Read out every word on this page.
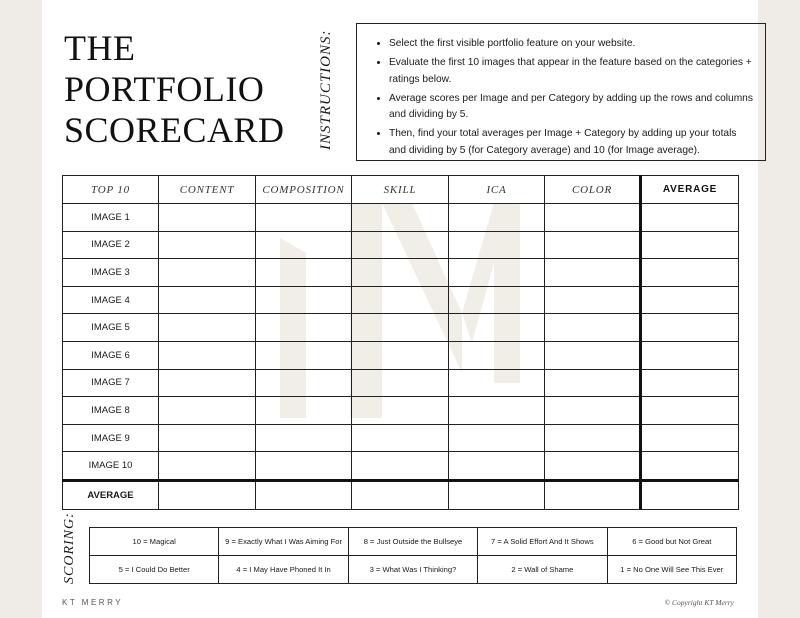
THE
PORTFOLIO
SCORECARD INSTRUCTIONS:	• Select the first visible portfolio feature on your website.
• Evaluate the first 10 images that appear in the feature based on the categories + ratings below.
• Average scores per Image and per Category by adding up the rows and columns and dividing by 5.
• Then, find your total averages per Image + Category by adding up your totals and dividing by 5 (for Category average) and 10 (for Image average).
TOP 10	CONTENT	COMPOSITION	SKILL	ICA	COLOR	AVERAGE
IMAGE 1						
IMAGE 2						
IMAGE 3						
IMAGE 4						
IMAGE 5						
IMAGE 6						
IMAGE 7						
IMAGE 8						
IMAGE 9						
IMAGE 10						
AVERAGE						
SCORING:	10 = Magical	9 = Exactly What I Was Aiming For	8 = Just Outside the Bullseye	7 = A Solid Effort And It Shows	6 = Good but Not Great
5 = I Could Do Better	4 = I May Have Phoned It In	3 = What Was I Thinking?	2 = Wall of Shame	1 = No One Will See This Ever
KT MERRY	© Copyright KT Merry
